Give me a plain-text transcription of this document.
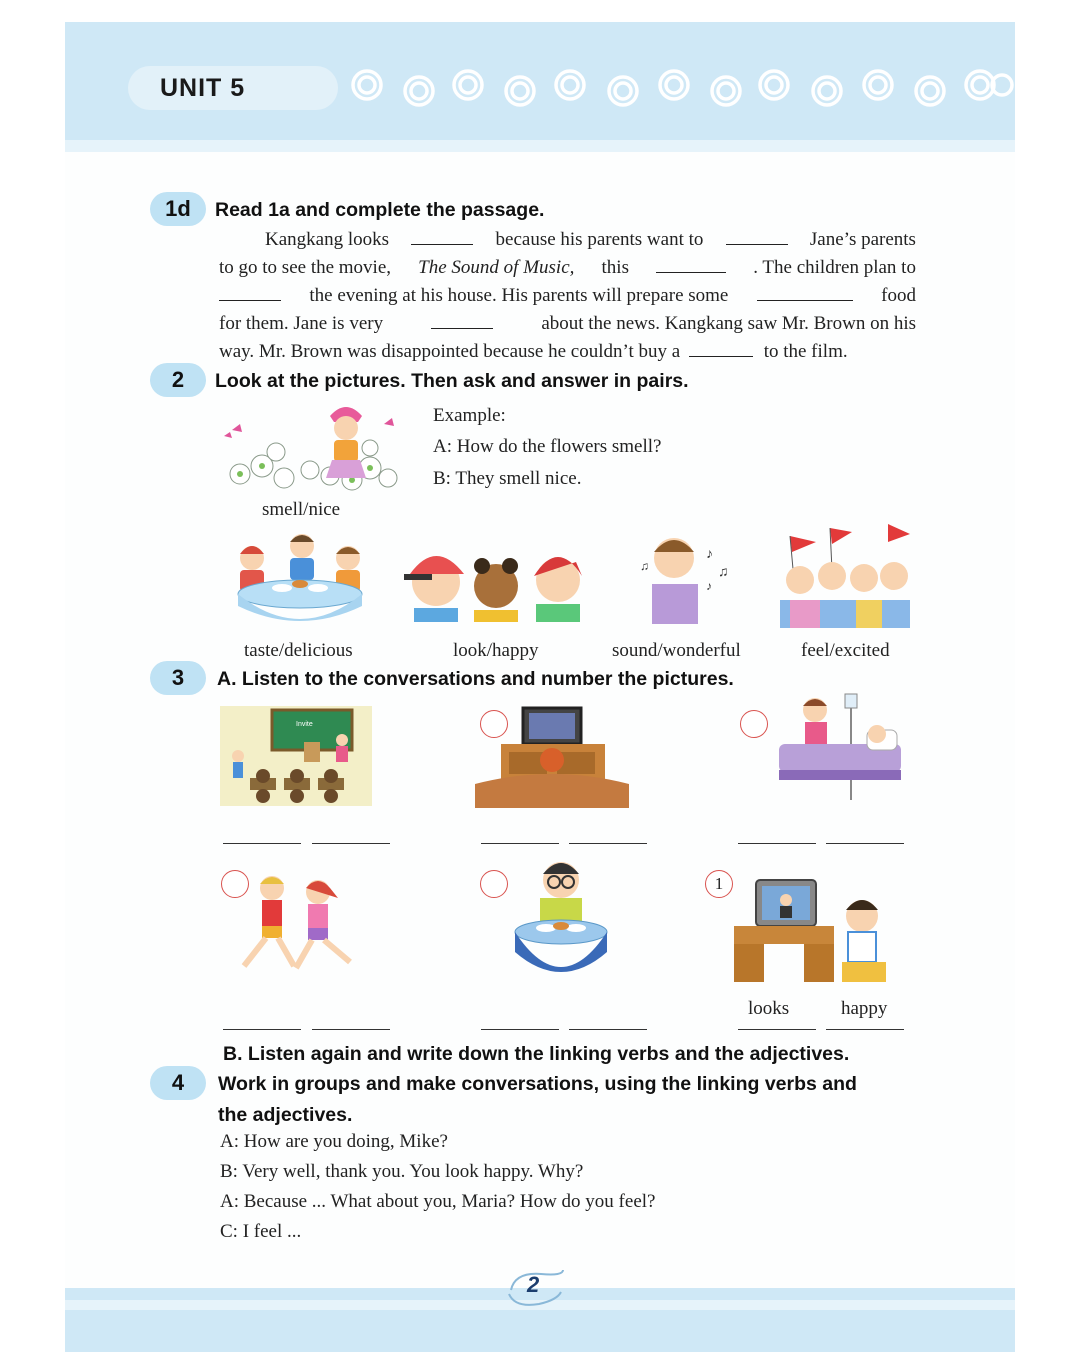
UNIT 5
1d	Read 1a and complete the passage.
Kangkang looks	because his parents want to	Jane’s parents
to go to see the movie, The Sound of Music, this	. The children plan to
the evening at his house. His parents will prepare some	food
for them. Jane is very	about the news. Kangkang saw Mr. Brown on his
way. Mr. Brown was disappointed because he couldn’t buy a	to the film.
2	Look at the pictures. Then ask and answer in pairs.
Example:
A: How do the flowers smell?
B: They smell nice.
smell/nice
taste/delicious	look/happy
♪
♫
♫
♪
sound/wonderful	feel/excited
3	A. Listen to the conversations and number the pictures.
Invite
1
looks	happy
B. Listen again and write down the linking verbs and the adjectives.
4	Work in groups and make conversations, using the linking verbs and
the adjectives.
A: How are you doing, Mike?
B: Very well, thank you. You look happy. Why?
A: Because ... What about you, Maria? How do you feel?
C: I feel ...
2
